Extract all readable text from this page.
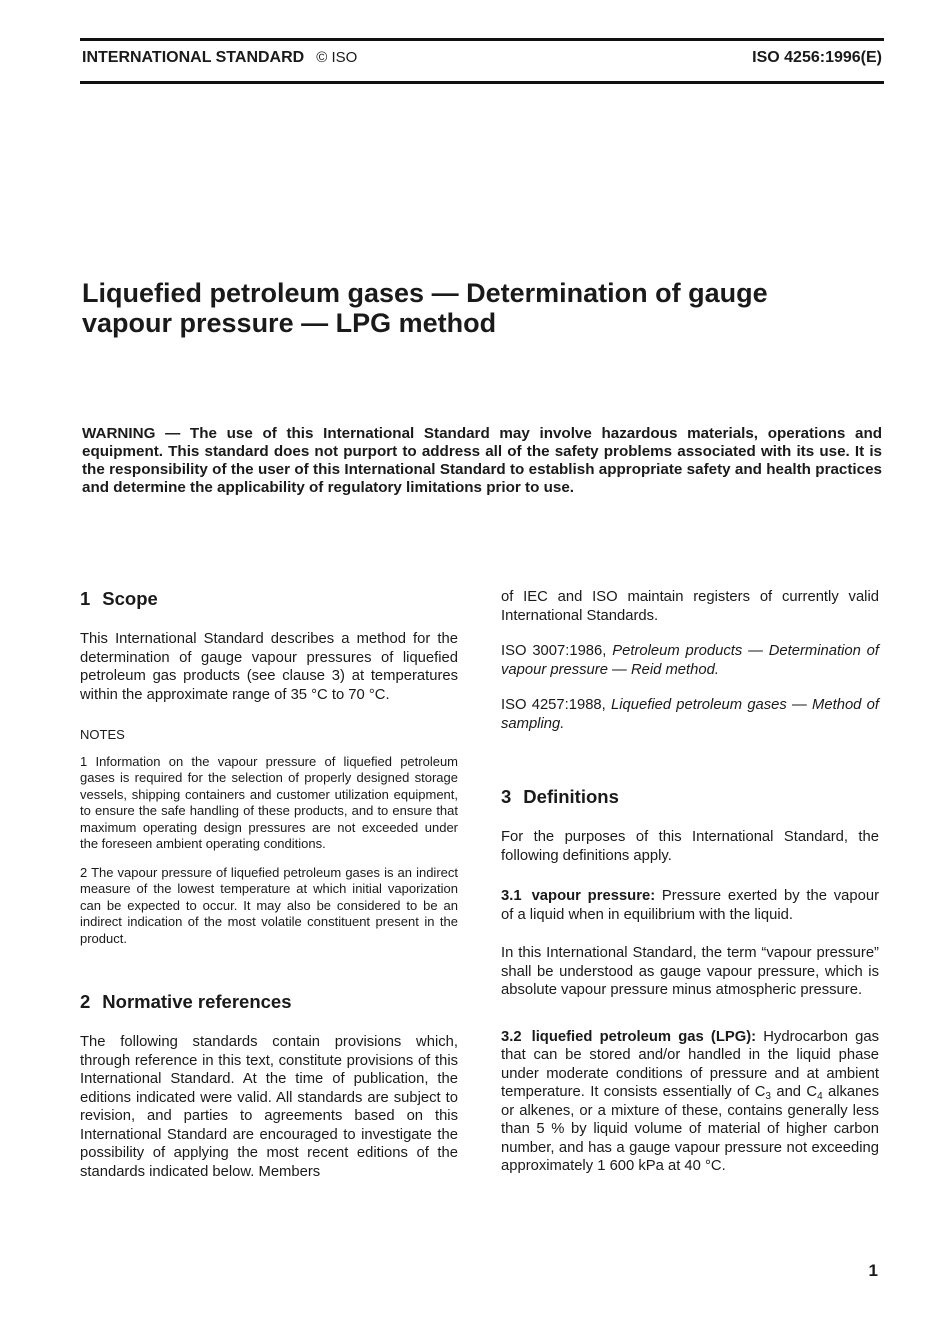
INTERNATIONAL STANDARD © ISO	ISO 4256:1996(E)
Liquefied petroleum gases — Determination of gauge
vapour pressure — LPG method
WARNING — The use of this International Standard may involve hazardous materials, operations and equipment. This standard does not purport to address all of the safety problems associated with its use. It is the responsibility of the user of this International Standard to establish appropriate safety and health practices and determine the applicability of regulatory limitations prior to use.
1 Scope

This International Standard describes a method for the determination of gauge vapour pressures of liquefied petroleum gas products (see clause 3) at temperatures within the approximate range of 35 °C to 70 °C.

NOTES

1 Information on the vapour pressure of liquefied petroleum gases is required for the selection of properly designed storage vessels, shipping containers and customer utilization equipment, to ensure the safe handling of these products, and to ensure that maximum operating design pressures are not exceeded under the foreseen ambient operating conditions.

2 The vapour pressure of liquefied petroleum gases is an indirect measure of the lowest temperature at which initial vaporization can be expected to occur. It may also be considered to be an indirect indication of the most volatile constituent present in the product.

2 Normative references

The following standards contain provisions which, through reference in this text, constitute provisions of this International Standard. At the time of publication, the editions indicated were valid. All standards are subject to revision, and parties to agreements based on this International Standard are encouraged to investigate the possibility of applying the most recent editions of the standards indicated below. Members

of IEC and ISO maintain registers of currently valid International Standards.

ISO 3007:1986, Petroleum products — Determination of vapour pressure — Reid method.

ISO 4257:1988, Liquefied petroleum gases — Method of sampling.

3 Definitions

For the purposes of this International Standard, the following definitions apply.

3.1 vapour pressure: Pressure exerted by the vapour of a liquid when in equilibrium with the liquid.

In this International Standard, the term “vapour pressure” shall be understood as gauge vapour pressure, which is absolute vapour pressure minus atmospheric pressure.

3.2 liquefied petroleum gas (LPG): Hydrocarbon gas that can be stored and/or handled in the liquid phase under moderate conditions of pressure and at ambient temperature. It consists essentially of $C_3$ and $C_4$ alkanes or alkenes, or a mixture of these, contains generally less than 5 % by liquid volume of material of higher carbon number, and has a gauge vapour pressure not exceeding approximately 1 600 kPa at 40 °C.

1
